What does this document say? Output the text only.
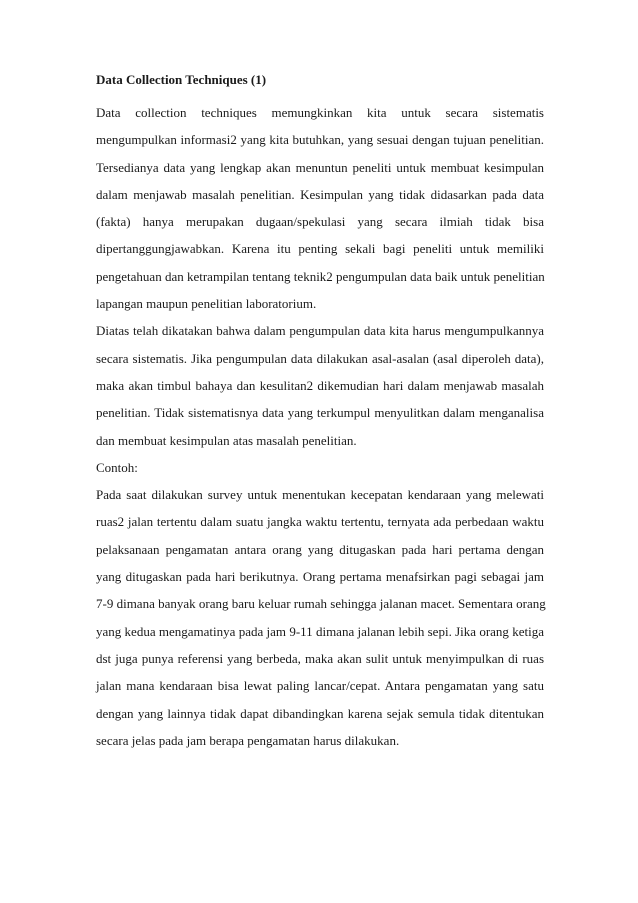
Data Collection Techniques (1)
Data collection techniques memungkinkan kita untuk secara sistematis
mengumpulkan informasi2 yang kita butuhkan, yang sesuai dengan tujuan penelitian.
Tersedianya data yang lengkap akan menuntun peneliti untuk membuat kesimpulan
dalam menjawab masalah penelitian. Kesimpulan yang tidak didasarkan pada data
(fakta) hanya merupakan dugaan/spekulasi yang secara ilmiah tidak bisa
dipertanggungjawabkan. Karena itu penting sekali bagi peneliti untuk memiliki
pengetahuan dan ketrampilan tentang teknik2 pengumpulan data baik untuk penelitian
lapangan maupun penelitian laboratorium.
Diatas telah dikatakan bahwa dalam pengumpulan data kita harus mengumpulkannya
secara sistematis. Jika pengumpulan data dilakukan asal-asalan (asal diperoleh data),
maka akan timbul bahaya dan kesulitan2 dikemudian hari dalam menjawab masalah
penelitian. Tidak sistematisnya data yang terkumpul menyulitkan dalam menganalisa
dan membuat kesimpulan atas masalah penelitian.
Contoh:
Pada saat dilakukan survey untuk menentukan kecepatan kendaraan yang melewati
ruas2 jalan tertentu dalam suatu jangka waktu tertentu, ternyata ada perbedaan waktu
pelaksanaan pengamatan antara orang yang ditugaskan pada hari pertama dengan
yang ditugaskan pada hari berikutnya. Orang pertama menafsirkan pagi sebagai jam
7-9 dimana banyak orang baru keluar rumah sehingga jalanan macet. Sementara orang
yang kedua mengamatinya pada jam 9-11 dimana jalanan lebih sepi. Jika orang ketiga
dst juga punya referensi yang berbeda, maka akan sulit untuk menyimpulkan di ruas
jalan mana kendaraan bisa lewat paling lancar/cepat. Antara pengamatan yang satu
dengan yang lainnya tidak dapat dibandingkan karena sejak semula tidak ditentukan
secara jelas pada jam berapa pengamatan harus dilakukan.
